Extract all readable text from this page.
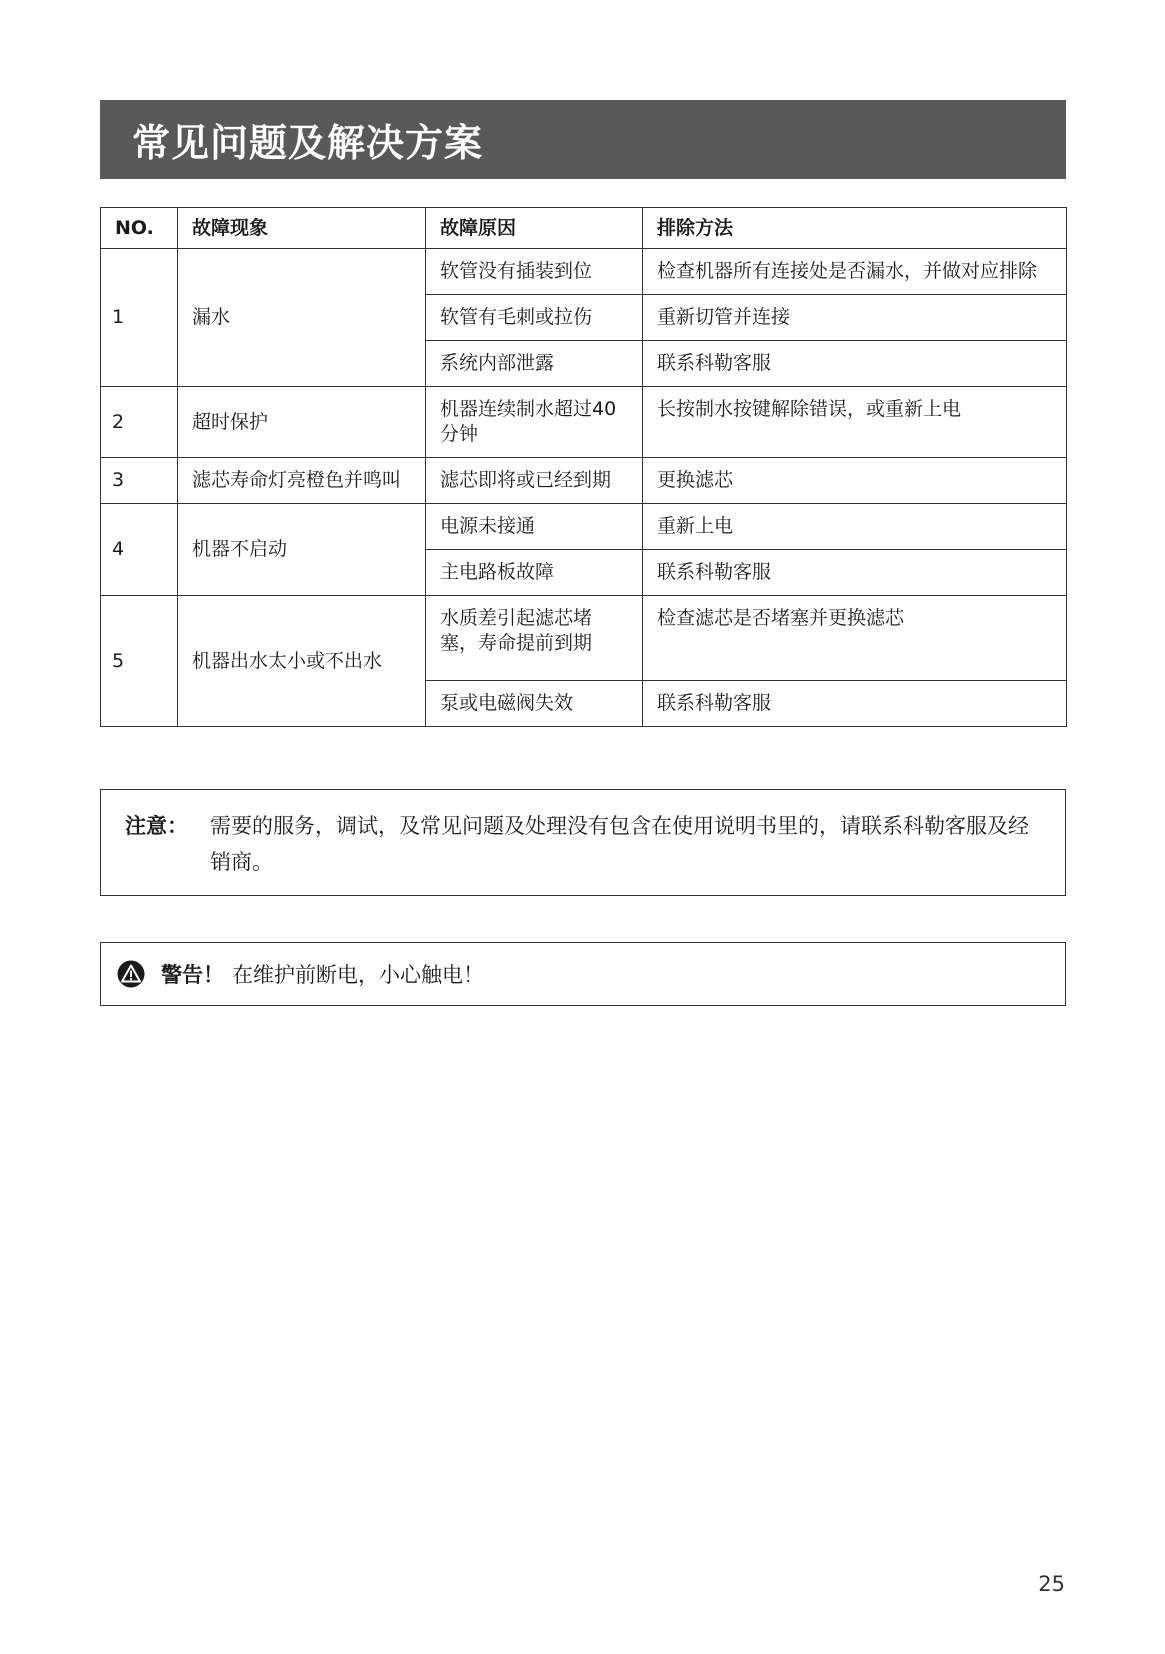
常见问题及解决方案
NO.	故障现象	故障原因	排除方法
1	漏水	软管没有插装到位	检查机器所有连接处是否漏水，并做对应排除
		软管有毛刺或拉伤	重新切管并连接
		系统内部泄露	联系科勒客服
2	超时保护	机器连续制水超过40分钟	长按制水按键解除错误，或重新上电
3	滤芯寿命灯亮橙色并鸣叫	滤芯即将或已经到期	更换滤芯
4	机器不启动	电源未接通	重新上电
		主电路板故障	联系科勒客服
5	机器出水太小或不出水	水质差引起滤芯堵塞，寿命提前到期	检查滤芯是否堵塞并更换滤芯
		泵或电磁阀失效	联系科勒客服
注意： 需要的服务，调试，及常见问题及处理没有包含在使用说明书里的，请联系科勒客服及经销商。
警告！ 在维护前断电，小心触电！
25
